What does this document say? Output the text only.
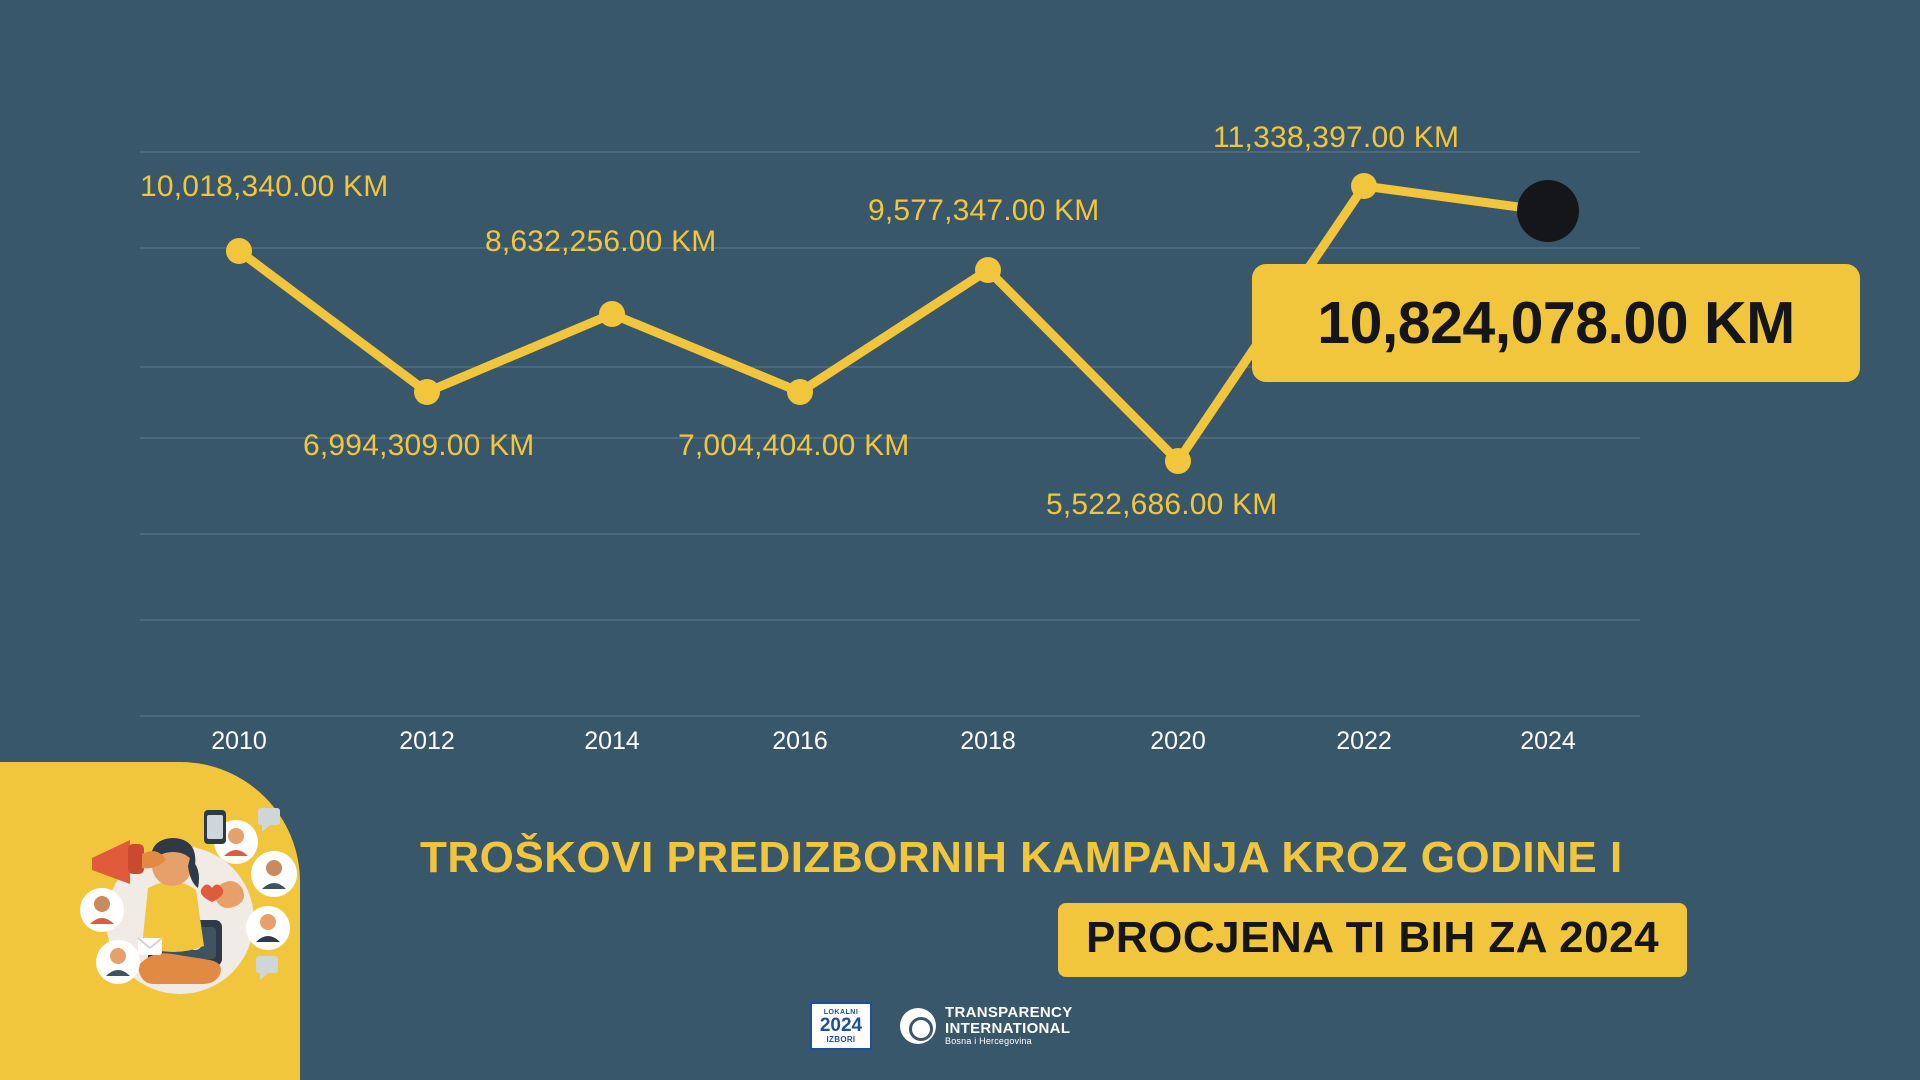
10,018,340.00 KM
6,994,309.00 KM
8,632,256.00 KM
7,004,404.00 KM
9,577,347.00 KM
5,522,686.00 KM
11,338,397.00 KM
10,824,078.00 KM
2010	2012	2014	2016	2018	2020	2022	2024
TROŠKOVI PREDIZBORNIH KAMPANJA KROZ GODINE I
PROCJENA TI BIH ZA 2024
LOKALNI
2024
IZBORI
TRANSPARENCY
INTERNATIONAL
Bosna i Hercegovina
